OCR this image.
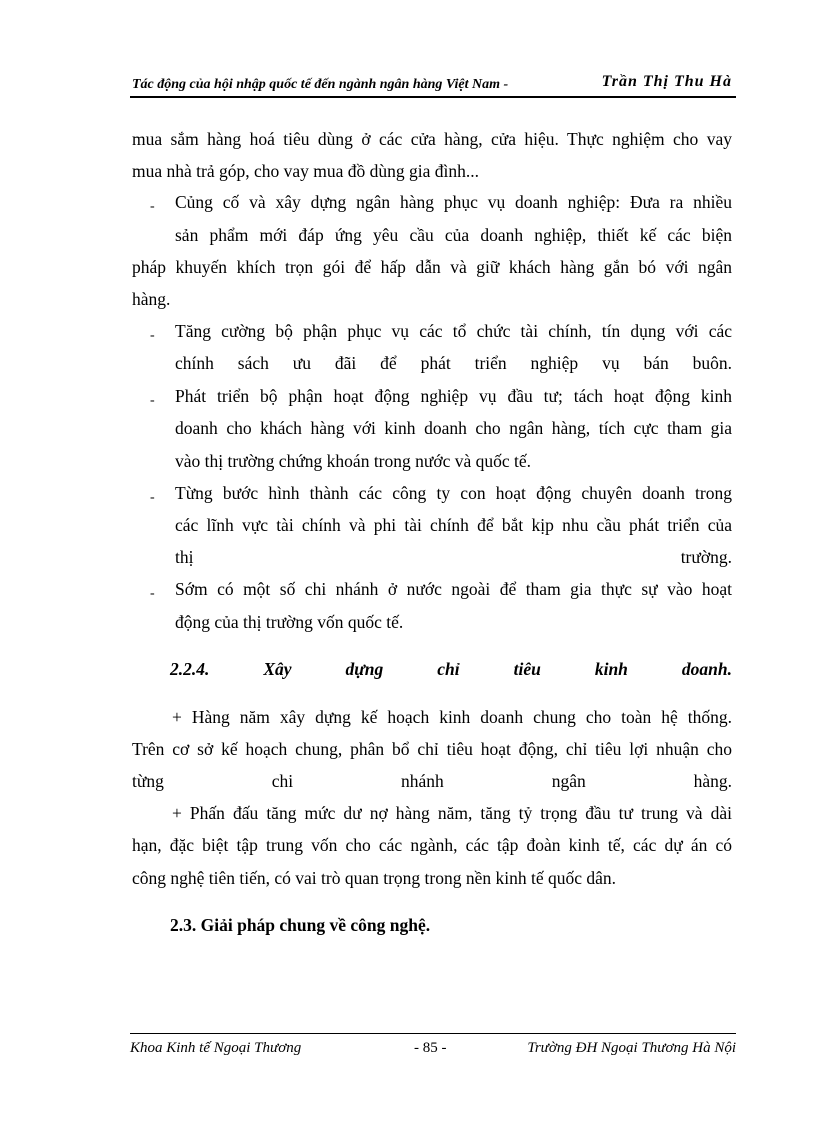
Tác động của hội nhập quốc tế đến ngành ngân hàng Việt Nam -	Trần Thị Thu Hà
mua sắm hàng hoá tiêu dùng ở các cửa hàng, cửa hiệu. Thực nghiệm cho vay
mua nhà trả góp, cho vay mua đồ dùng gia đình...
- Củng cố và xây dựng ngân hàng phục vụ doanh nghiệp: Đưa ra nhiều
sản phẩm mới đáp ứng yêu cầu của doanh nghiệp, thiết kế các biện
pháp khuyến khích trọn gói để hấp dẫn và giữ khách hàng gắn bó với ngân
hàng.
- Tăng cường bộ phận phục vụ các tổ chức tài chính, tín dụng với các
chính sách ưu đãi để phát triển nghiệp vụ bán buôn.
- Phát triển bộ phận hoạt động nghiệp vụ đầu tư; tách hoạt động kinh
doanh cho khách hàng với kinh doanh cho ngân hàng, tích cực tham gia
vào thị trường chứng khoán trong nước và quốc tế.
- Từng bước hình thành các công ty con hoạt động chuyên doanh trong
các lĩnh vực tài chính và phi tài chính để bắt kịp nhu cầu phát triển của
thị trường.
- Sớm có một số chi nhánh ở nước ngoài để tham gia thực sự vào hoạt
động của thị trường vốn quốc tế.
2.2.4. Xây dựng chỉ tiêu kinh doanh.
+ Hàng năm xây dựng kế hoạch kinh doanh chung cho toàn hệ thống.
Trên cơ sở kế hoạch chung, phân bổ chỉ tiêu hoạt động, chỉ tiêu lợi nhuận cho
từng chi nhánh ngân hàng.
+ Phấn đấu tăng mức dư nợ hàng năm, tăng tỷ trọng đầu tư trung và dài
hạn, đặc biệt tập trung vốn cho các ngành, các tập đoàn kinh tế, các dự án có
công nghệ tiên tiến, có vai trò quan trọng trong nền kinh tế quốc dân.
2.3. Giải pháp chung về công nghệ.
Khoa Kinh tế Ngoại Thương	- 85 -	Trường ĐH Ngoại Thương Hà Nội
